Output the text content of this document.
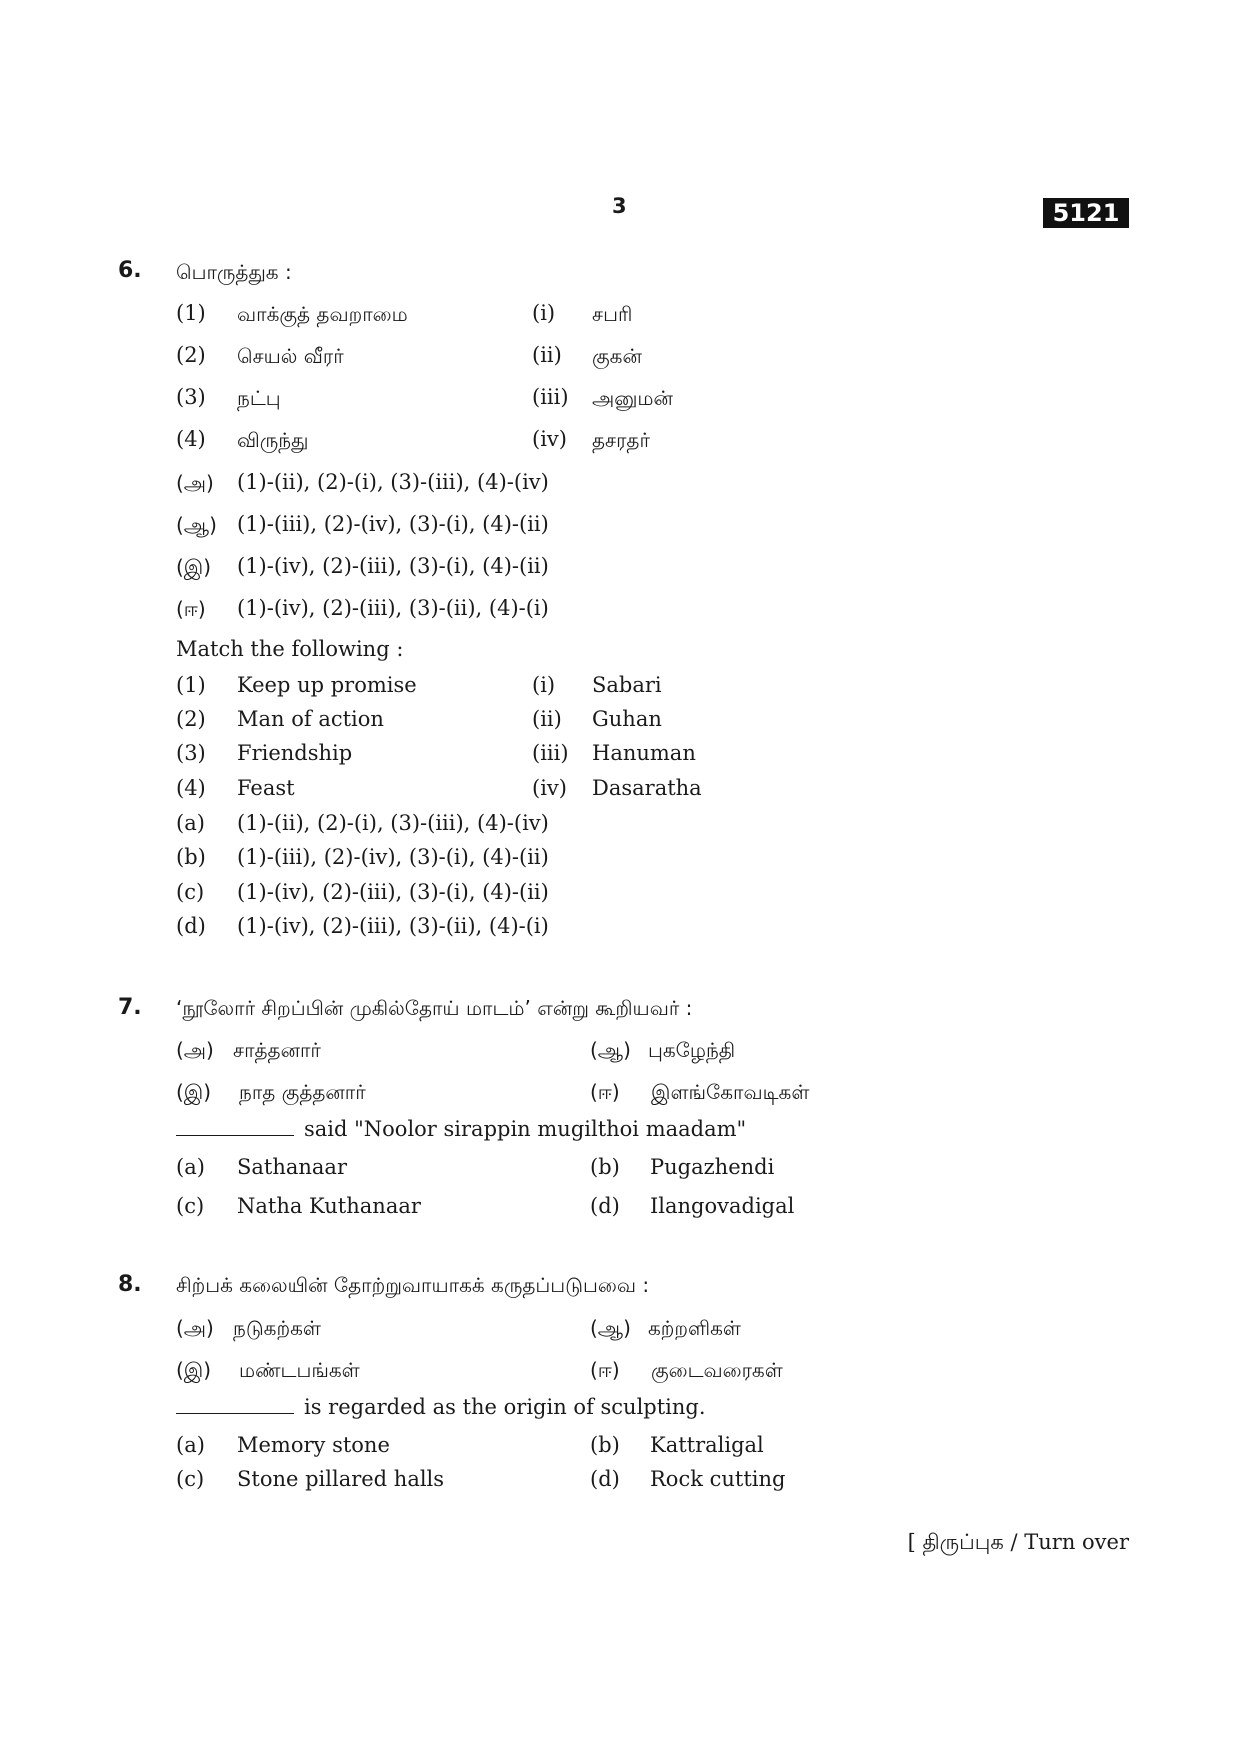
3	5121
6. பொருத்துக :
(1) வாக்குத் தவறாமை	(i) சபரி
(2) செயல் வீரர்	(ii) குகன்
(3) நட்பு	(iii) அனுமன்
(4) விருந்து	(iv) தசரதர்
(அ) (1)-(ii), (2)-(i), (3)-(iii), (4)-(iv)
(ஆ) (1)-(iii), (2)-(iv), (3)-(i), (4)-(ii)
(இ) (1)-(iv), (2)-(iii), (3)-(i), (4)-(ii)
(ஈ) (1)-(iv), (2)-(iii), (3)-(ii), (4)-(i)
Match the following :
(1) Keep up promise	(i) Sabari
(2) Man of action	(ii) Guhan
(3) Friendship	(iii) Hanuman
(4) Feast	(iv) Dasaratha
(a) (1)-(ii), (2)-(i), (3)-(iii), (4)-(iv)
(b) (1)-(iii), (2)-(iv), (3)-(i), (4)-(ii)
(c) (1)-(iv), (2)-(iii), (3)-(i), (4)-(ii)
(d) (1)-(iv), (2)-(iii), (3)-(ii), (4)-(i)
7. ‘நூலோர் சிறப்பின் முகில்தோய் மாடம்’ என்று கூறியவர் :
(அ) சாத்தனார்	(ஆ) புகழேந்தி
(இ) நாத குத்தனார்	(ஈ) இளங்கோவடிகள்
said "Noolor sirappin mugilthoi maadam"
(a) Sathanaar	(b) Pugazhendi
(c) Natha Kuthanaar	(d) Ilangovadigal
8. சிற்பக் கலையின் தோற்றுவாயாகக் கருதப்படுபவை :
(அ) நடுகற்கள்	(ஆ) கற்றளிகள்
(இ) மண்டபங்கள்	(ஈ) குடைவரைகள்
is regarded as the origin of sculpting.
(a) Memory stone	(b) Kattraligal
(c) Stone pillared halls	(d) Rock cutting
[ திருப்புக / Turn over
